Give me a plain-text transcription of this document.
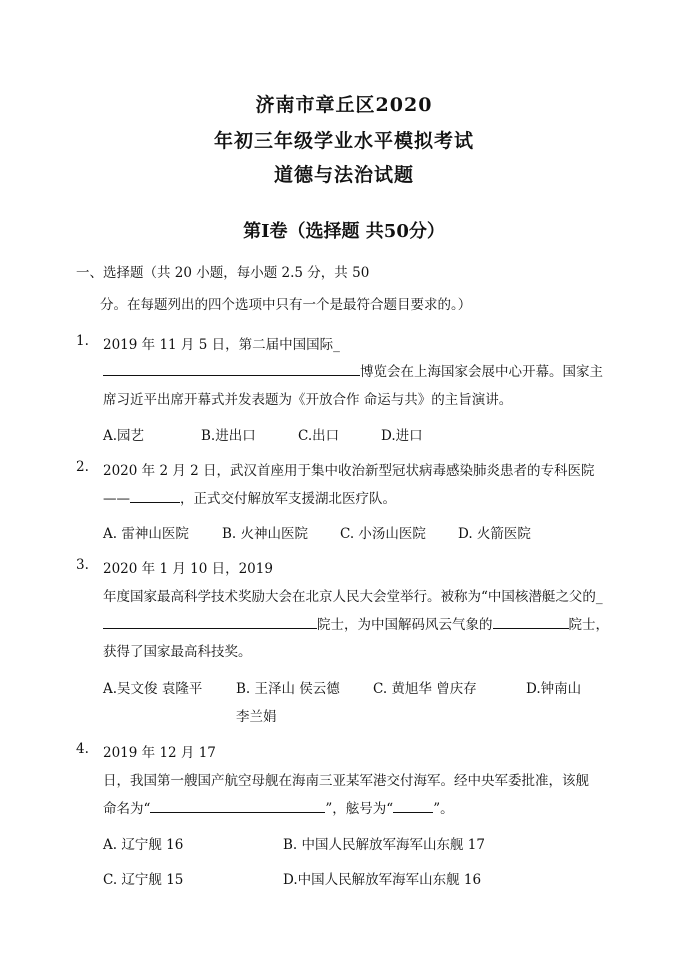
济南市章丘区2020
年初三年级学业水平模拟考试
道德与法治试题
第Ⅰ卷（选择题 共50分）
一、选择题（共 20 小题，每小题 2.5 分，共 50
分。在每题列出的四个选项中只有一个是最符合题目要求的。）
1. 2019 年 11 月 5 日，第二届中国国际_
博览会在上海国家会展中心开幕。国家主
席习近平出席开幕式并发表题为《开放合作 命运与共》的主旨演讲。
A.园艺	B.进出口	C.出口	D.进口
2. 2020 年 2 月 2 日，武汉首座用于集中收治新型冠状病毒感染肺炎患者的专科医院
——	，正式交付解放军支援湖北医疗队。
A. 雷神山医院 B. 火神山医院 C. 小汤山医院 D. 火箭医院
3. 2020 年 1 月 10 日，2019
年度国家最高科学技术奖励大会在北京人民大会堂举行。被称为“中国核潜艇之父的_
院士，为中国解码风云气象的	院士，
获得了国家最高科技奖。
A.吴文俊 袁隆平 B. 王泽山 侯云德 C. 黄旭华 曾庆存	D.钟南山
李兰娟
4. 2019 年 12 月 17
日，我国第一艘国产航空母舰在海南三亚某军港交付海军。经中央军委批准，该舰
命名为“	”，舷号为“	”。
A. 辽宁舰 16	B. 中国人民解放军海军山东舰 17
C. 辽宁舰 15	D.中国人民解放军海军山东舰 16
